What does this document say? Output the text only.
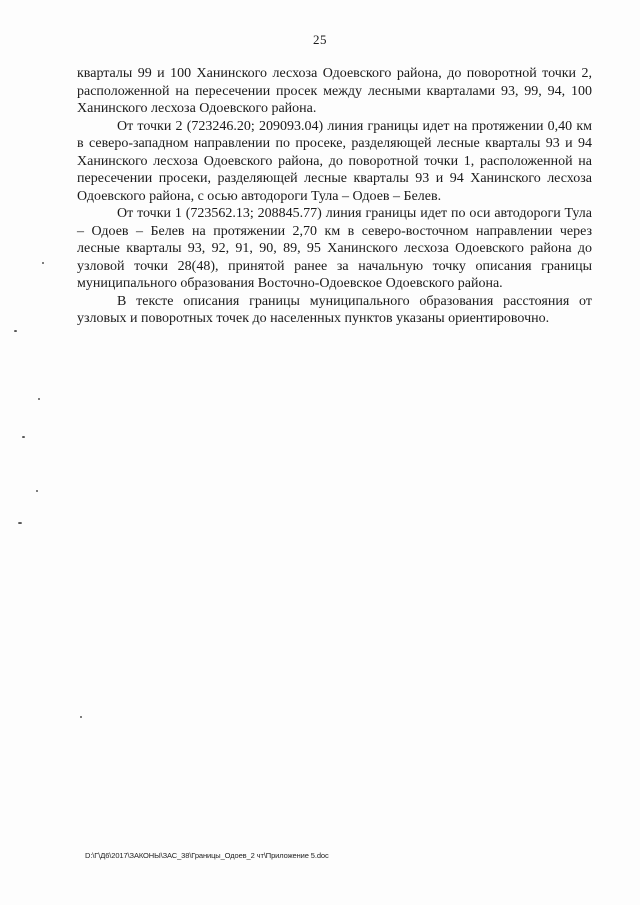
25

кварталы 99 и 100 Ханинского лесхоза Одоевского района, до поворотной точки 2, расположенной на пересечении просек между лесными кварталами 93, 99, 94, 100 Ханинского лесхоза Одоевского района.

От точки 2 (723246.20; 209093.04) линия границы идет на протяжении 0,40 км в северо-западном направлении по просеке, разделяющей лесные кварталы 93 и 94 Ханинского лесхоза Одоевского района, до поворотной точки 1, расположенной на пересечении просеки, разделяющей лесные кварталы 93 и 94 Ханинского лесхоза Одоевского района, с осью автодороги Тула – Одоев – Белев.

От точки 1 (723562.13; 208845.77) линия границы идет по оси автодороги Тула – Одоев – Белев на протяжении 2,70 км в северо-восточном направлении через лесные кварталы 93, 92, 91, 90, 89, 95 Ханинского лесхоза Одоевского района до узловой точки 28(48), принятой ранее за начальную точку описания границы муниципального образования Восточно-Одоевское Одоевского района.

В тексте описания границы муниципального образования расстояния от узловых и поворотных точек до населенных пунктов указаны ориентировочно.

D:\Г\Д6\2017\ЗАКОНЫ\ЗАС_38\Границы_Одоев_2 чт\Приложение 5.doc
